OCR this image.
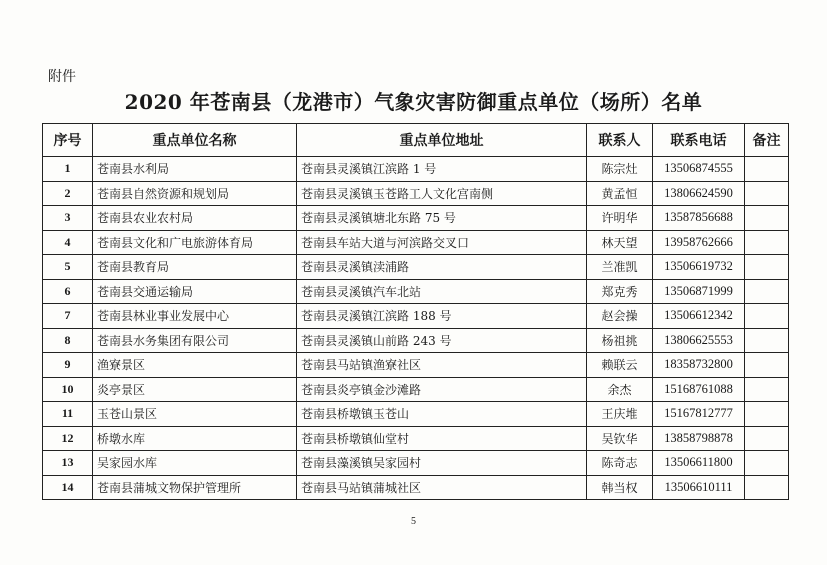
附件
2020 年苍南县（龙港市）气象灾害防御重点单位（场所）名单
序号	重点单位名称	重点单位地址	联系人	联系电话	备注
1	苍南县水利局	苍南县灵溪镇江滨路 1 号	陈宗灶	13506874555	
2	苍南县自然资源和规划局	苍南县灵溪镇玉苍路工人文化宫南侧	黄孟恒	13806624590	
3	苍南县农业农村局	苍南县灵溪镇塘北东路 75 号	许明华	13587856688	
4	苍南县文化和广电旅游体育局	苍南县车站大道与河滨路交叉口	林天望	13958762666	
5	苍南县教育局	苍南县灵溪镇渎浦路	兰准凯	13506619732	
6	苍南县交通运输局	苍南县灵溪镇汽车北站	郑克秀	13506871999	
7	苍南县林业事业发展中心	苍南县灵溪镇江滨路 188 号	赵会操	13506612342	
8	苍南县水务集团有限公司	苍南县灵溪镇山前路 243 号	杨祖挑	13806625553	
9	渔寮景区	苍南县马站镇渔寮社区	赖联云	18358732800	
10	炎亭景区	苍南县炎亭镇金沙滩路	余杰	15168761088	
11	玉苍山景区	苍南县桥墩镇玉苍山	王庆堆	15167812777	
12	桥墩水库	苍南县桥墩镇仙堂村	吴钦华	13858798878	
13	吴家园水库	苍南县藻溪镇吴家园村	陈奇志	13506611800	
14	苍南县蒲城文物保护管理所	苍南县马站镇蒲城社区	韩当权	13506610111	
5
